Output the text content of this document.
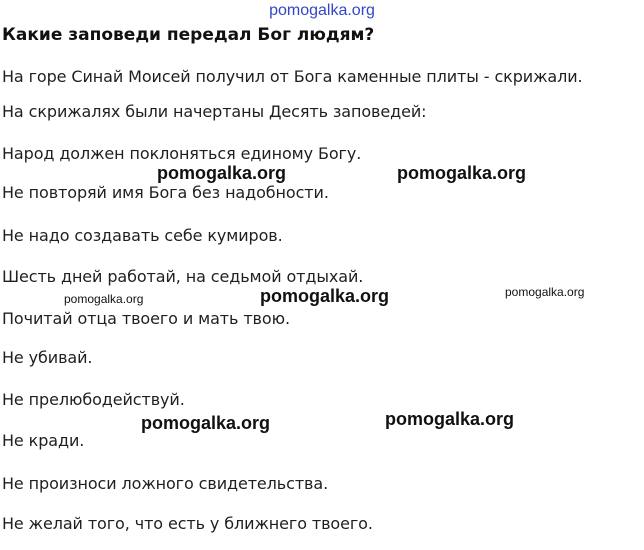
pomogalka.org
Какие заповеди передал Бог людям?

На горе Синай Моисей получил от Бога каменные плиты - скрижали.

На скрижалях были начертаны Десять заповедей:

Народ должен поклоняться единому Богу.

Не повторяй имя Бога без надобности.

Не надо создавать себе кумиров.

Шесть дней работай, на седьмой отдыхай.

Почитай отца твоего и мать твою.

Не убивай.

Не прелюбодействуй.

Не кради.

Не произноси ложного свидетельства.

Не желай того, что есть у ближнего твоего.

pomogalka.org	pomogalka.org
pomogalka.org	pomogalka.org	pomogalka.org
pomogalka.org	pomogalka.org
